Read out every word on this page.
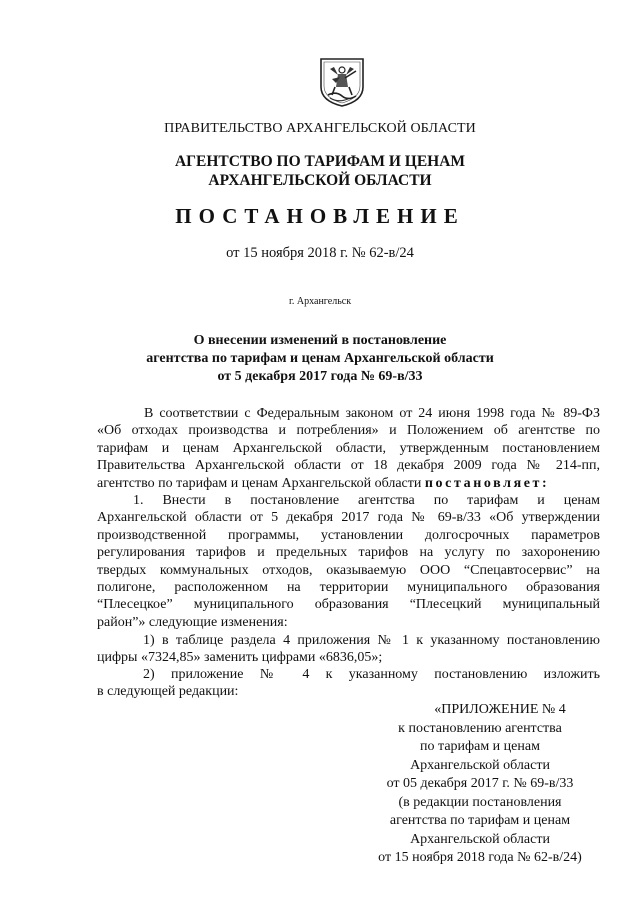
ПРАВИТЕЛЬСТВО АРХАНГЕЛЬСКОЙ ОБЛАСТИ
АГЕНТСТВО ПО ТАРИФАМ И ЦЕНАМ
АРХАНГЕЛЬСКОЙ ОБЛАСТИ
ПОСТАНОВЛЕНИЕ
от 15 ноября 2018 г. № 62-в/24
г. Архангельск
О внесении изменений в постановление
агентства по тарифам и ценам Архангельской области
от 5 декабря 2017 года № 69-в/33
В соответствии с Федеральным законом от 24 июня 1998 года № 89-ФЗ
«Об отходах производства и потребления» и Положением об агентстве по
тарифам и ценам Архангельской области, утвержденным постановлением
Правительства Архангельской области от 18 декабря 2009 года № 214-пп,
агентство по тарифам и ценам Архангельской области постановляет:
1. Внести в постановление агентства по тарифам и ценам
Архангельской области от 5 декабря 2017 года № 69-в/33 «Об утверждении
производственной программы, установлении долгосрочных параметров
регулирования тарифов и предельных тарифов на услугу по захоронению
твердых коммунальных отходов, оказываемую ООО “Спецавтосервис” на
полигоне, расположенном на территории муниципального образования
“Плесецкое” муниципального образования “Плесецкий муниципальный
район”» следующие изменения:
1) в таблице раздела 4 приложения № 1 к указанному постановлению
цифры «7324,85» заменить цифрами «6836,05»;
2) приложение № 4 к указанному постановлению изложить
в следующей редакции:
«ПРИЛОЖЕНИЕ № 4
к постановлению агентства
по тарифам и ценам
Архангельской области
от 05 декабря 2017 г. № 69-в/33
(в редакции постановления
агентства по тарифам и ценам
Архангельской области
от 15 ноября 2018 года № 62-в/24)
